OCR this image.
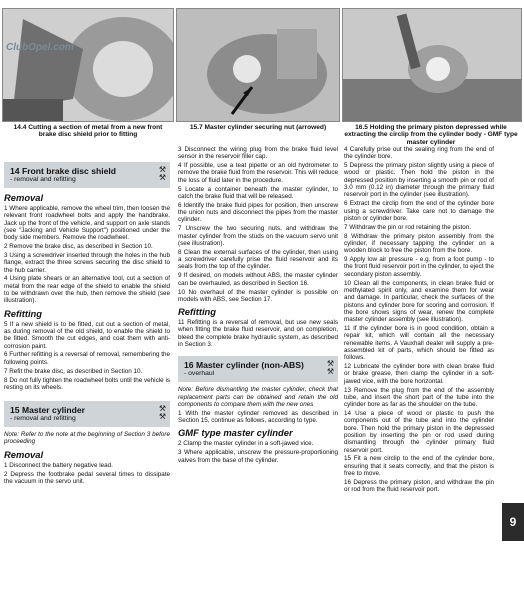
ClubOpel.com
14.4 Cutting a section of metal from a new front brake disc shield prior to fitting
15.7 Master cylinder securing nut (arrowed)	16.5 Holding the primary piston depressed while extracting the circlip from the cylinder body - GMF type master cylinder
14 Front brake disc shield
- removal and refitting
⚒
⚒
Removal

1 Where applicable, remove the wheel trim, then loosen the relevant front roadwheel bolts and apply the handbrake. Jack up the front of the vehicle, and support on axle stands (see "Jacking and Vehicle Support") positioned under the body side members. Remove the roadwheel.

2 Remove the brake disc, as described in Section 10.

3 Using a screwdriver inserted through the holes in the hub flange, extract the three screws securing the disc shield to the hub carrier.

4 Using plate shears or an alternative tool, cut a section of metal from the rear edge of the shield to enable the shield to be withdrawn over the hub, then remove the shield (see illustration).

Refitting

5 If a new shield is to be fitted, cut out a section of metal, as during removal of the old shield, to enable the shield to be fitted. Smooth the cut edges, and coat them with anti-corrosion paint.

6 Further refitting is a reversal of removal, remembering the following points.

7 Refit the brake disc, as described in Section 10.

8 Do not fully tighten the roadwheel bolts until the vehicle is resting on its wheels.

15 Master cylinder
- removal and refitting
⚒
⚒

Note: Refer to the note at the beginning of Section 3 before proceeding

Removal

1 Disconnect the battery negative lead.

2 Depress the footbrake pedal several times to dissipate the vacuum in the servo unit.

3 Disconnect the wiring plug from the brake fluid level sensor in the reservoir filler cap.

4 If possible, use a teat pipette or an old hydrometer to remove the brake fluid from the reservoir. This will reduce the loss of fluid later in the procedure.

5 Locate a container beneath the master cylinder, to catch the brake fluid that will be released.

6 Identify the brake fluid pipes for position, then unscrew the union nuts and disconnect the pipes from the master cylinder.

7 Unscrew the two securing nuts, and withdraw the master cylinder from the studs on the vacuum servo unit (see illustration).

8 Clean the external surfaces of the cylinder, then using a screwdriver carefully prise the fluid reservoir and its seals from the top of the cylinder.

9 If desired, on models without ABS, the master cylinder can be overhauled, as described in Section 16.

10 No overhaul of the master cylinder is possible on models with ABS, see Section 17.

Refitting

11 Refitting is a reversal of removal, but use new seals when fitting the brake fluid reservoir, and on completion, bleed the complete brake hydraulic system, as described in Section 3.

16 Master cylinder (non-ABS)
- overhaul
⚒
⚒

Note: Before dismantling the master cylinder, check that replacement parts can be obtained and retain the old components to compare them with the new ones

1 With the master cylinder removed as described in Section 15, continue as follows, according to type.

GMF type master cylinder

2 Clamp the master cylinder in a soft-jawed vice.

3 Where applicable, unscrew the pressure-proportioning valves from the base of the cylinder.

4 Carefully prise out the sealing ring from the end of the cylinder bore.

5 Depress the primary piston slightly using a piece of wood or plastic. Then hold the piston in the depressed position by inserting a smooth pin or rod of 3.0 mm (0.12 in) diameter through the primary fluid reservoir port in the cylinder (see illustration).

6 Extract the circlip from the end of the cylinder bore using a screwdriver. Take care not to damage the piston or cylinder bore.

7 Withdraw the pin or rod retaining the piston.

8 Withdraw the primary piston assembly from the cylinder, if necessary tapping the cylinder on a wooden block to free the piston from the bore.

9 Apply low air pressure - e.g. from a foot pump - to the front fluid reservoir port in the cylinder, to eject the secondary piston assembly.

10 Clean all the components, in clean brake fluid or methylated spirit only, and examine them for wear and damage. In particular, check the surfaces of the pistons and cylinder bore for scoring and corrosion. If the bore shows signs of wear, renew the complete master cylinder assembly (see illustration).

11 If the cylinder bore is in good condition, obtain a repair kit, which will contain all the necessary renewable items. A Vauxhall dealer will supply a pre-assembled kit of parts, which should be fitted as follows.

12 Lubricate the cylinder bore with clean brake fluid or brake grease, then clamp the cylinder in a soft-jawed vice, with the bore horizontal.

13 Remove the plug from the end of the assembly tube, and insert the short part of the tube into the cylinder bore as far as the shoulder on the tube.

14 Use a piece of wood or plastic to push the components out of the tube and into the cylinder bore. Then hold the primary piston in the depressed position by inserting the pin or rod used during dismantling through the cylinder primary fluid reservoir port.

15 Fit a new circlip to the end of the cylinder bore, ensuring that it seats correctly, and that the piston is free to move.

16 Depress the primary piston, and withdraw the pin or rod from the fluid reservoir port.

9
